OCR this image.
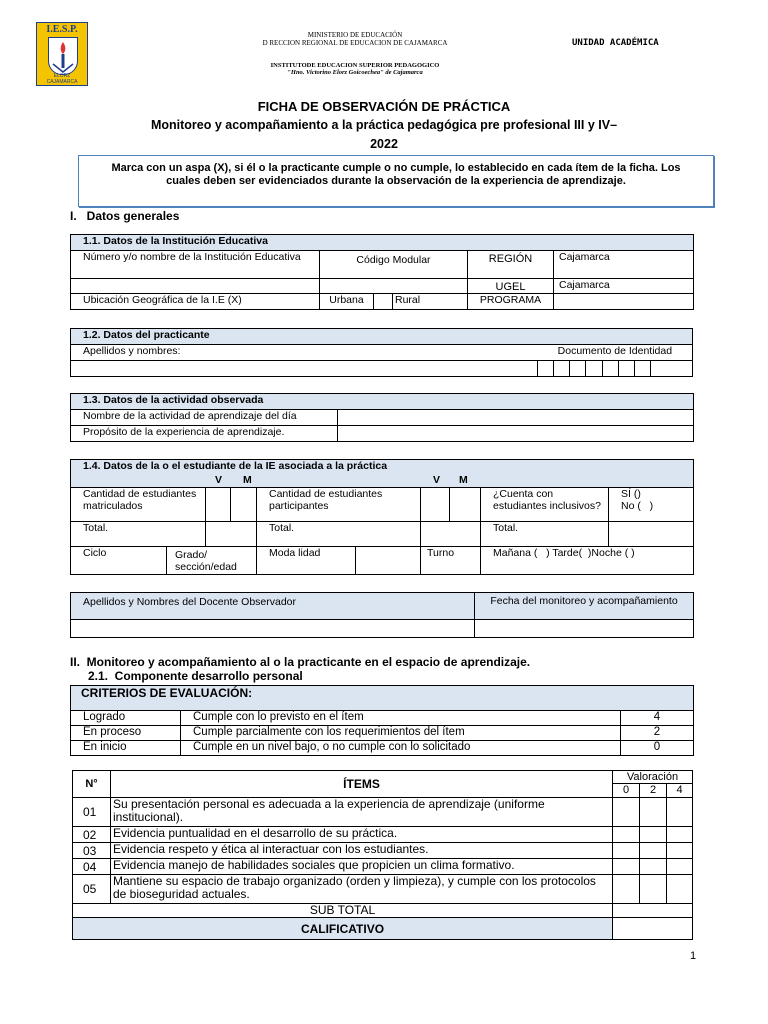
I.E.S.P.
ELORZ
CAJAMARCA
MINISTERIO DE EDUCACIÓN
D RECCION REGIONAL DE EDUCACION DE CAJAMARCA
INSTITUTODE EDUCACION SUPERIOR PEDAGOGICO
"Hno. Victorino Elorz Goicoechea" de Cajamarca
UNIDAD ACADÉMICA
FICHA DE OBSERVACIÓN DE PRÁCTICA
Monitoreo y acompañamiento a la práctica pedagógica pre profesional III y IV–
2022
Marca con un aspa (X), si él o la practicante cumple o no cumple, lo establecido en cada ítem de la ficha. Los cuales deben ser evidenciados durante la observación de la experiencia de aprendizaje.
I.   Datos generales
1.1. Datos de la Institución Educativa					
Número y/o nombre de la Institución Educativa	Código Modular			REGIÓN	Cajamarca
				UGEL	Cajamarca
Ubicación Geográfica de la I.E (X)	Urbana		Rural	PROGRAMA	
1.2. Datos del practicante								
Apellidos y nombres:	Documento de Identidad							

1.3. Datos de la actividad observada	
Nombre de la actividad de aprendizaje del día	
Propósito de la experiencia de aprendizaje.	
1.4. Datos de la o el estudiante de la IE asociada a la práctica
V M V M									

Cantidad de estudiantes matriculados				Cantidad de estudiantes participantes				¿Cuenta con estudiantes inclusivos?	SÍ ()
No (   )

Total.				Total.				Total.	
Ciclo	Grado/ sección/edad			Moda lidad		Turno		Mañana (   ) Tarde(  )Noche ( )	
Apellidos y Nombres del Docente Observador	Fecha del monitoreo y acompañamiento

II.  Monitoreo y acompañamiento al o la practicante en el espacio de aprendizaje.
2.1.  Componente desarrollo personal
CRITERIOS DE EVALUACIÓN:		
Logrado	Cumple con lo previsto en el ítem	4
En proceso	Cumple parcialmente con los requerimientos del ítem	2
En inicio	Cumple en un nivel bajo, o no cumple con lo solicitado	0
N°	ÍTEMS	Valoración		
		0	2	4
01	Su presentación personal es adecuada a la experiencia de aprendizaje (uniforme institucional).			
02	Evidencia puntualidad en el desarrollo de su práctica.			
03	Evidencia respeto y ética al interactuar con los estudiantes.			
04	Evidencia manejo de habilidades sociales que propicien un clima formativo.			
05	Mantiene su espacio de trabajo organizado (orden y limpieza), y cumple con los protocolos de bioseguridad actuales.			
SUB TOTAL				
CALIFICATIVO				
1
